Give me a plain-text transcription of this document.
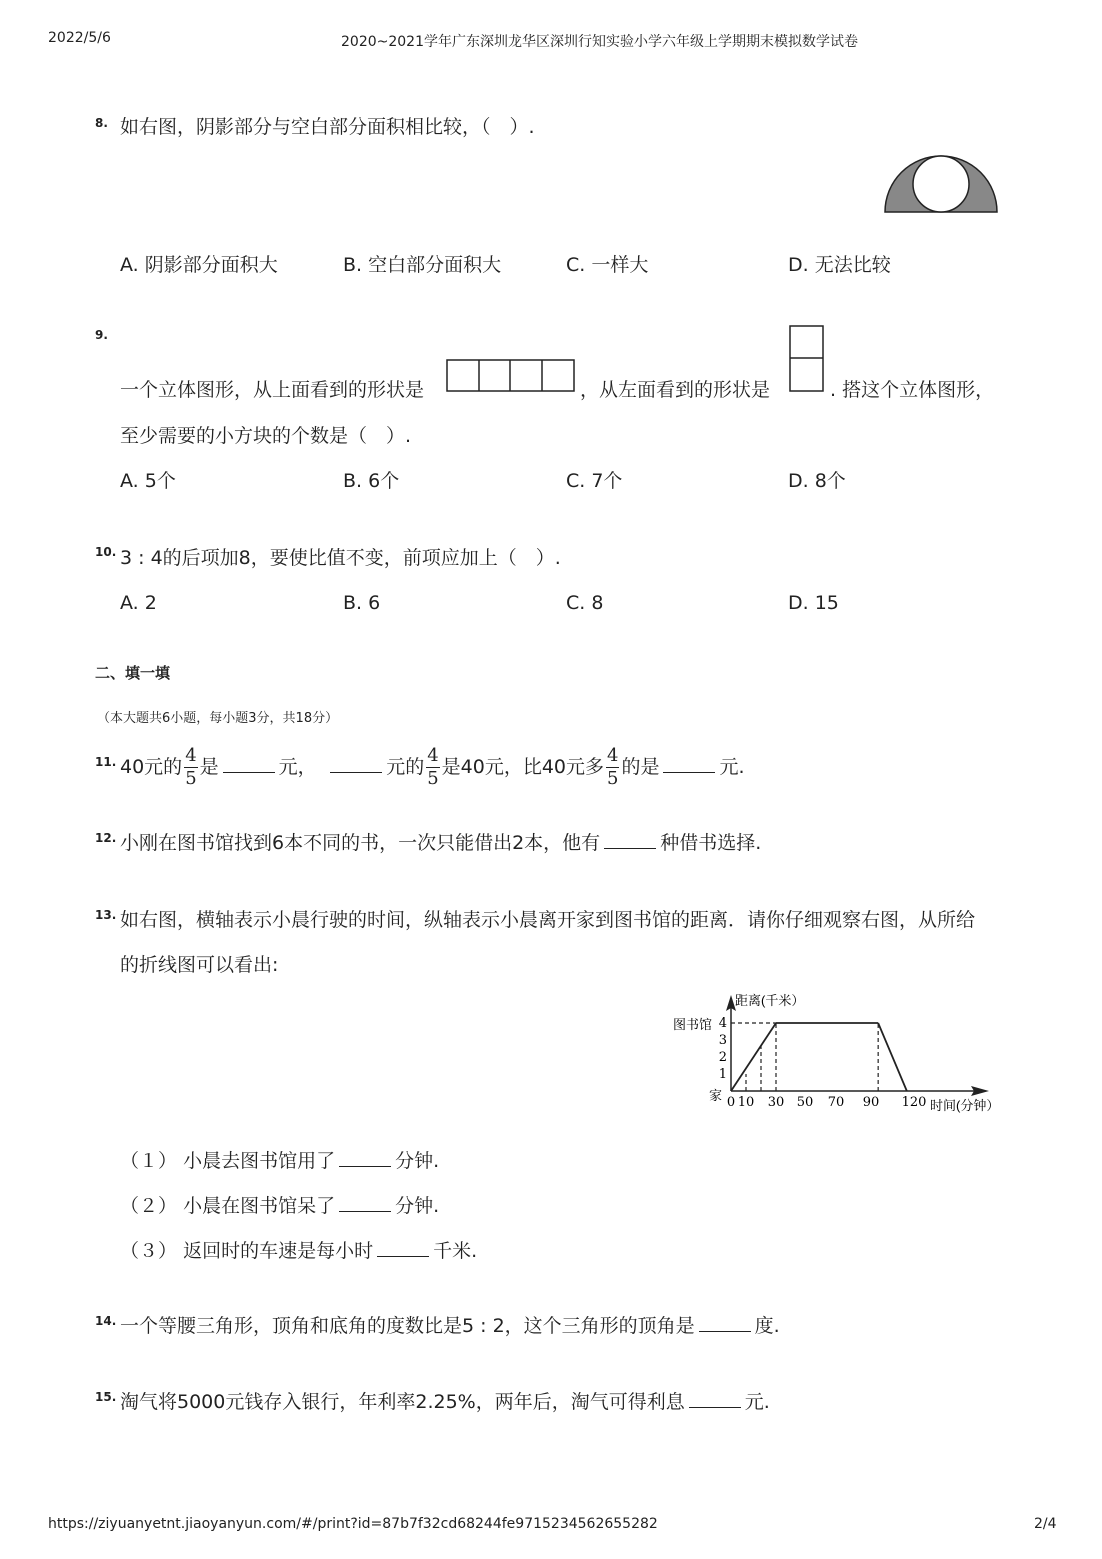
2022/5/6	2020~2021学年广东深圳龙华区深圳行知实验小学六年级上学期期末模拟数学试卷
8. 如右图，阴影部分与空白部分面积相比较，（　）.
A. 阴影部分面积大	B. 空白部分面积大	C. 一样大	D. 无法比较
9.
一个立体图形，从上面看到的形状是	，从左面看到的形状是	. 搭这个立体图形，
至少需要的小方块的个数是（　）.
A. 5个	B. 6个	C. 7个	D. 8个
10. 3 : 4的后项加8，要使比值不变，前项应加上（　）.
A. 2	B. 6	C. 8	D. 15
二、填一填
（本大题共6小题，每小题3分，共18分）
11. 40元的 $\frac{4}{5}$ 是	元，　	元的 $\frac{4}{5}$ 是40元，比40元多 $\frac{4}{5}$ 的是	元.
12. 小刚在图书馆找到6本不同的书，一次只能借出2本，他有	种借书选择.
13. 如右图，横轴表示小晨行驶的时间，纵轴表示小晨离开家到图书馆的距离．请你仔细观察右图，从所给
的折线图可以看出:
距离(千米）
时间(分钟）
图书馆
家 0 10 30 50 70 90 120
1
2
3
4
（１） 小晨去图书馆用了	分钟.
（２） 小晨在图书馆呆了	分钟.
（３） 返回时的车速是每小时	千米.
14. 一个等腰三角形，顶角和底角的度数比是5 : 2，这个三角形的顶角是	度.
15. 淘气将5000元钱存入银行，年利率2.25%，两年后，淘气可得利息	元.
https://ziyuanyetnt.jiaoyanyun.com/#/print?id=87b7f32cd68244fe9715234562655282	2/4
